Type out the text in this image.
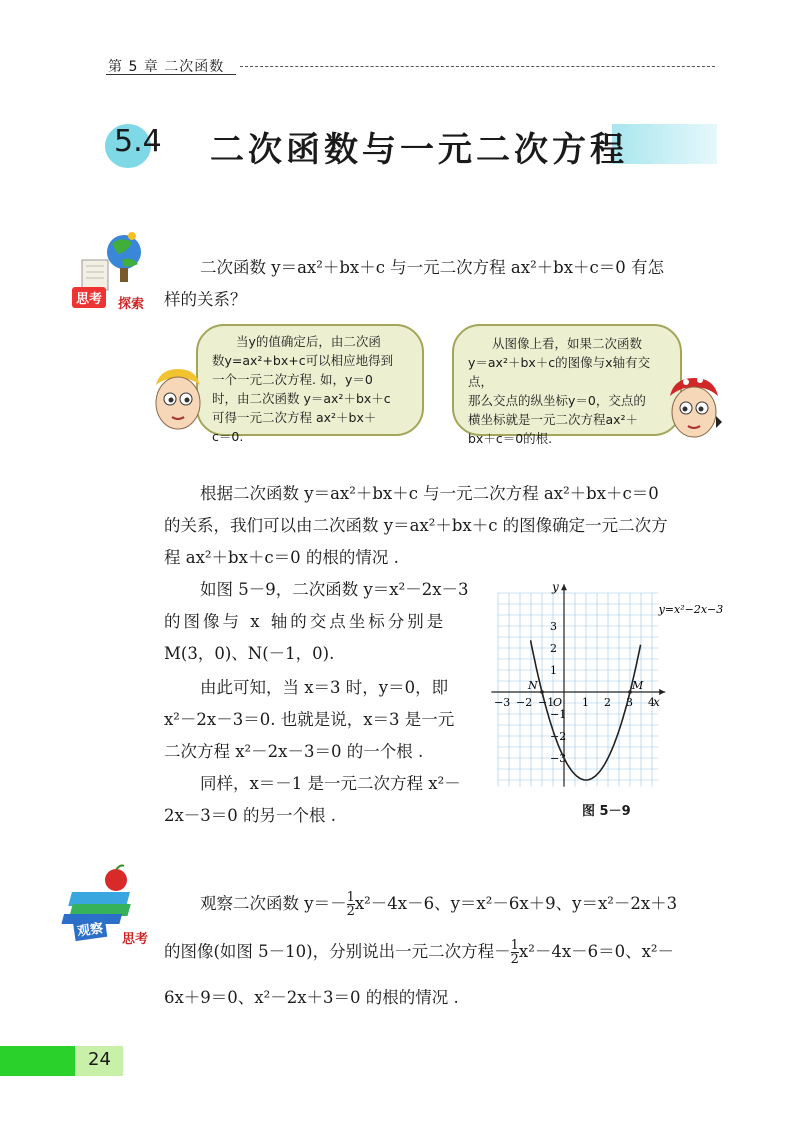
第 5 章 二次函数
5.4 二次函数与一元二次方程
思考	探索
二次函数 y＝ax²＋bx＋c 与一元二次方程 ax²＋bx＋c＝0 有怎
样的关系？
当y的值确定后，由二次函
数y=ax²+bx+c可以相应地得到
一个一元二次方程. 如，y＝0
时，由二次函数 y＝ax²＋bx＋c
可得一元二次方程 ax²＋bx＋
c＝0.
从图像上看，如果二次函数
y＝ax²＋bx＋c的图像与x轴有交点，
那么交点的纵坐标y＝0，交点的
横坐标就是一元二次方程ax²＋
bx＋c＝0的根.
根据二次函数 y＝ax²＋bx＋c 与一元二次方程 ax²＋bx＋c＝0
的关系，我们可以由二次函数 y＝ax²＋bx＋c 的图像确定一元二次方
程 ax²＋bx＋c＝0 的根的情况 .
如图 5－9，二次函数 y＝x²－2x－3
的图像与 x 轴的交点坐标分别是
M(3，0)、N(－1，0).
由此可知，当 x＝3 时，y＝0，即
x²－2x－3＝0. 也就是说，x＝3 是一元
二次方程 x²－2x－3＝0 的一个根 .
同样，x＝－1 是一元二次方程 x²－
2x－3＝0 的另一个根 .
x
y
O
−3 −2 −1	1 2 3 4
3
2
1
−1
−2
−3
y=x²−2x−3
N	M
图 5－9
观察 思考
观察二次函数 $y=- \frac{1}{2} x^2-4x-6$、y＝x²－6x＋9、y＝x²－2x＋3
的图像(如图 5－10)，分别说出一元二次方程－ $\frac{1}{2} x^2-4x-6=0$、x²－
6x＋9＝0、x²－2x＋3＝0 的根的情况 .
24
